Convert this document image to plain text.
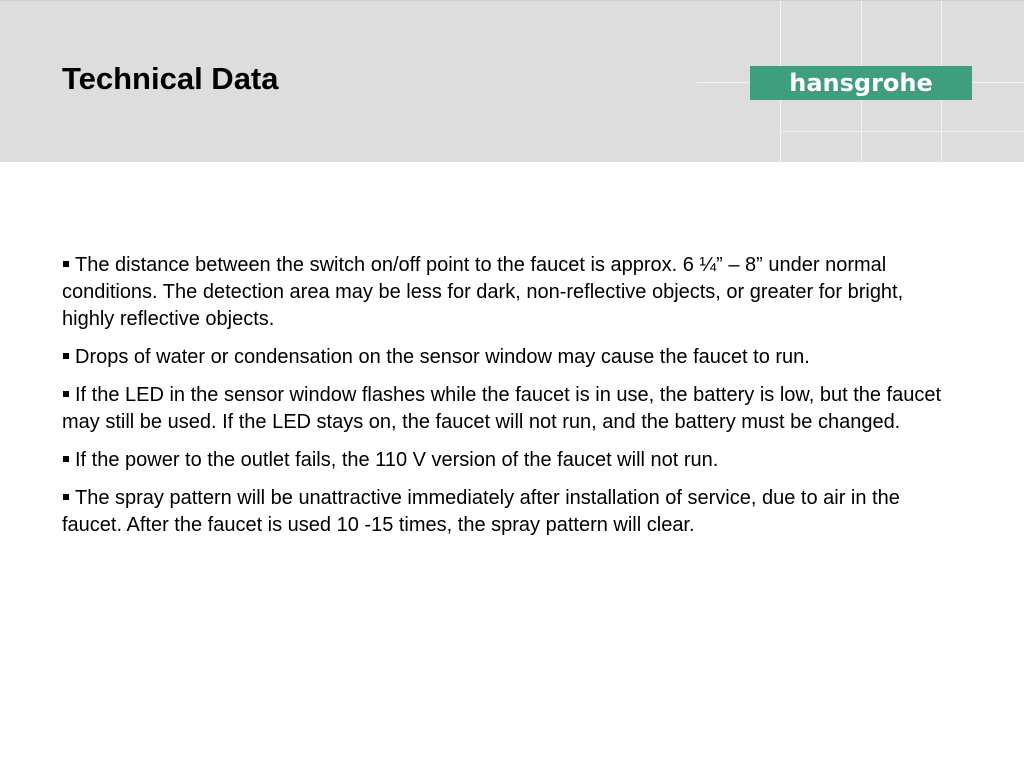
Technical Data	hansgrohe

The distance between the switch on/off point to the faucet is approx. 6 ¼” – 8” under normal conditions. The detection area may be less for dark, non-reflective objects, or greater for bright, highly reflective objects.

Drops of water or condensation on the sensor window may cause the faucet to run.

If the LED in the sensor window flashes while the faucet is in use, the battery is low, but the faucet may still be used. If the LED stays on, the faucet will not run, and the battery must be changed.

If the power to the outlet fails, the 110 V version of the faucet will not run.

The spray pattern will be unattractive immediately after installation of service, due to air in the faucet. After the faucet is used 10 -15 times, the spray pattern will clear.
